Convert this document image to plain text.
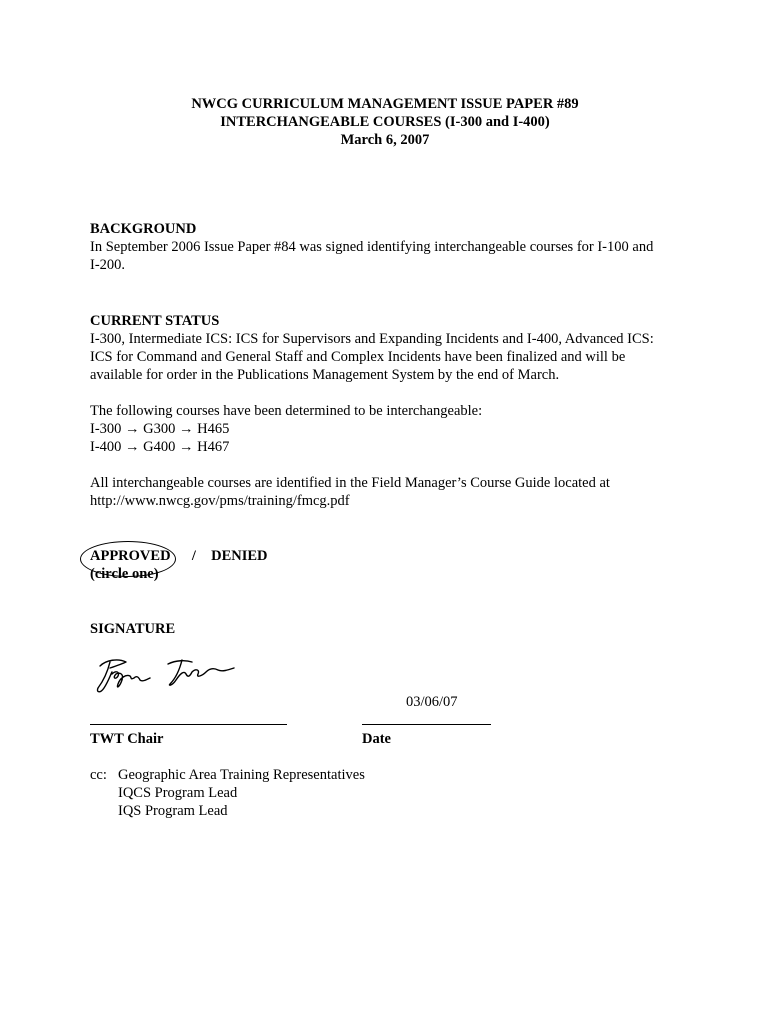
NWCG CURRICULUM MANAGEMENT ISSUE PAPER #89
INTERCHANGEABLE COURSES (I-300 and I-400)
March 6, 2007
BACKGROUND
In September 2006 Issue Paper #84 was signed identifying interchangeable courses for I-100 and
I-200.
CURRENT STATUS
I-300, Intermediate ICS: ICS for Supervisors and Expanding Incidents and I-400, Advanced ICS:
ICS for Command and General Staff and Complex Incidents have been finalized and will be
available for order in the Publications Management System by the end of March.
The following courses have been determined to be interchangeable:
I-300 → G300 → H465
I-400 → G400 → H467
All interchangeable courses are identified in the Field Manager’s Course Guide located at
http://www.nwcg.gov/pms/training/fmcg.pdf
APPROVED / DENIED
(circle one)
SIGNATURE
03/06/07
TWT Chair	Date
cc: Geographic Area Training Representatives
IQCS Program Lead
IQS Program Lead
